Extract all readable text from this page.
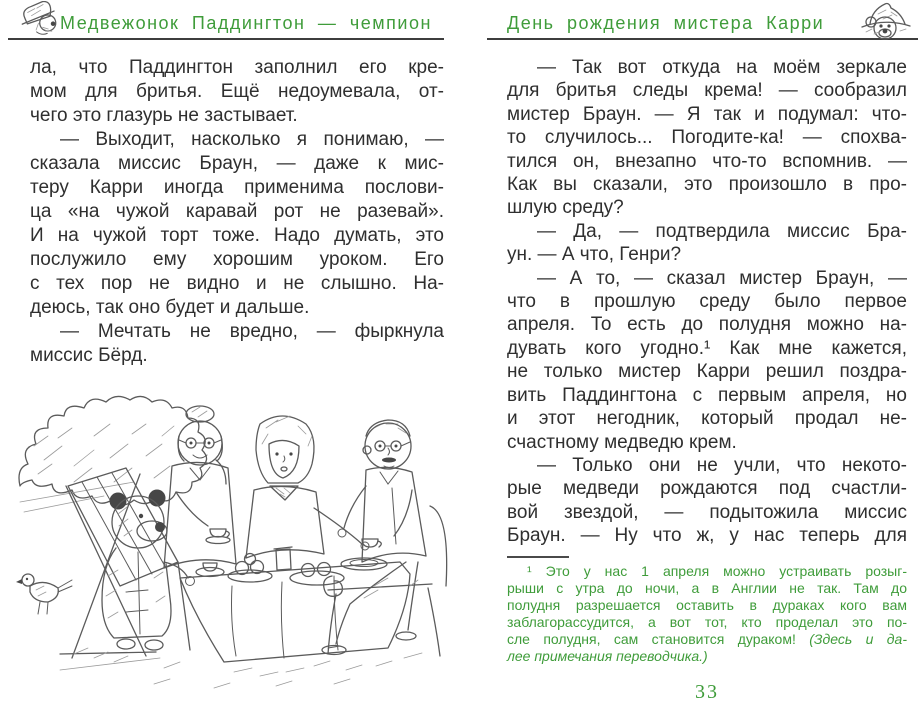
Медвежонок Паддингтон — чемпион	День рождения мистера Карри
ла, что Паддингтон заполнил его кре-
мом для бритья. Ещё недоумевала, от-
чего это глазурь не застывает.
— Выходит, насколько я понимаю, —
сказала миссис Браун, — даже к мис-
теру Карри иногда применима послови-
ца «на чужой каравай рот не разевай».
И на чужой торт тоже. Надо думать, это
послужило ему хорошим уроком. Его
с тех пор не видно и не слышно. На-
деюсь, так оно будет и дальше.
— Мечтать не вредно, — фыркнула
миссис Бёрд.
— Так вот откуда на моём зеркале
для бритья следы крема! — сообразил
мистер Браун. — Я так и подумал: что-
то случилось... Погодите-ка! — спохва-
тился он, внезапно что-то вспомнив. —
Как вы сказали, это произошло в про-
шлую среду?
— Да, — подтвердила миссис Бра-
ун. — А что, Генри?
— А то, — сказал мистер Браун, —
что в прошлую среду было первое
апреля. То есть до полудня можно на-
дувать кого угодно.¹ Как мне кажется,
не только мистер Карри решил поздра-
вить Паддингтона с первым апреля, но
и этот негодник, который продал не-
счастному медведю крем.
— Только они не учли, что некото-
рые медведи рождаются под счастли-
вой звездой, — подытожила миссис
Браун. — Ну что ж, у нас теперь для
¹ Это у нас 1 апреля можно устраивать розыг-
рыши с утра до ночи, а в Англии не так. Там до
полудня разрешается оставить в дураках кого вам
заблагорассудится, а вот тот, кто проделал это по-
сле полудня, сам становится дураком! (Здесь и да-
лее примечания переводчика.)
33
